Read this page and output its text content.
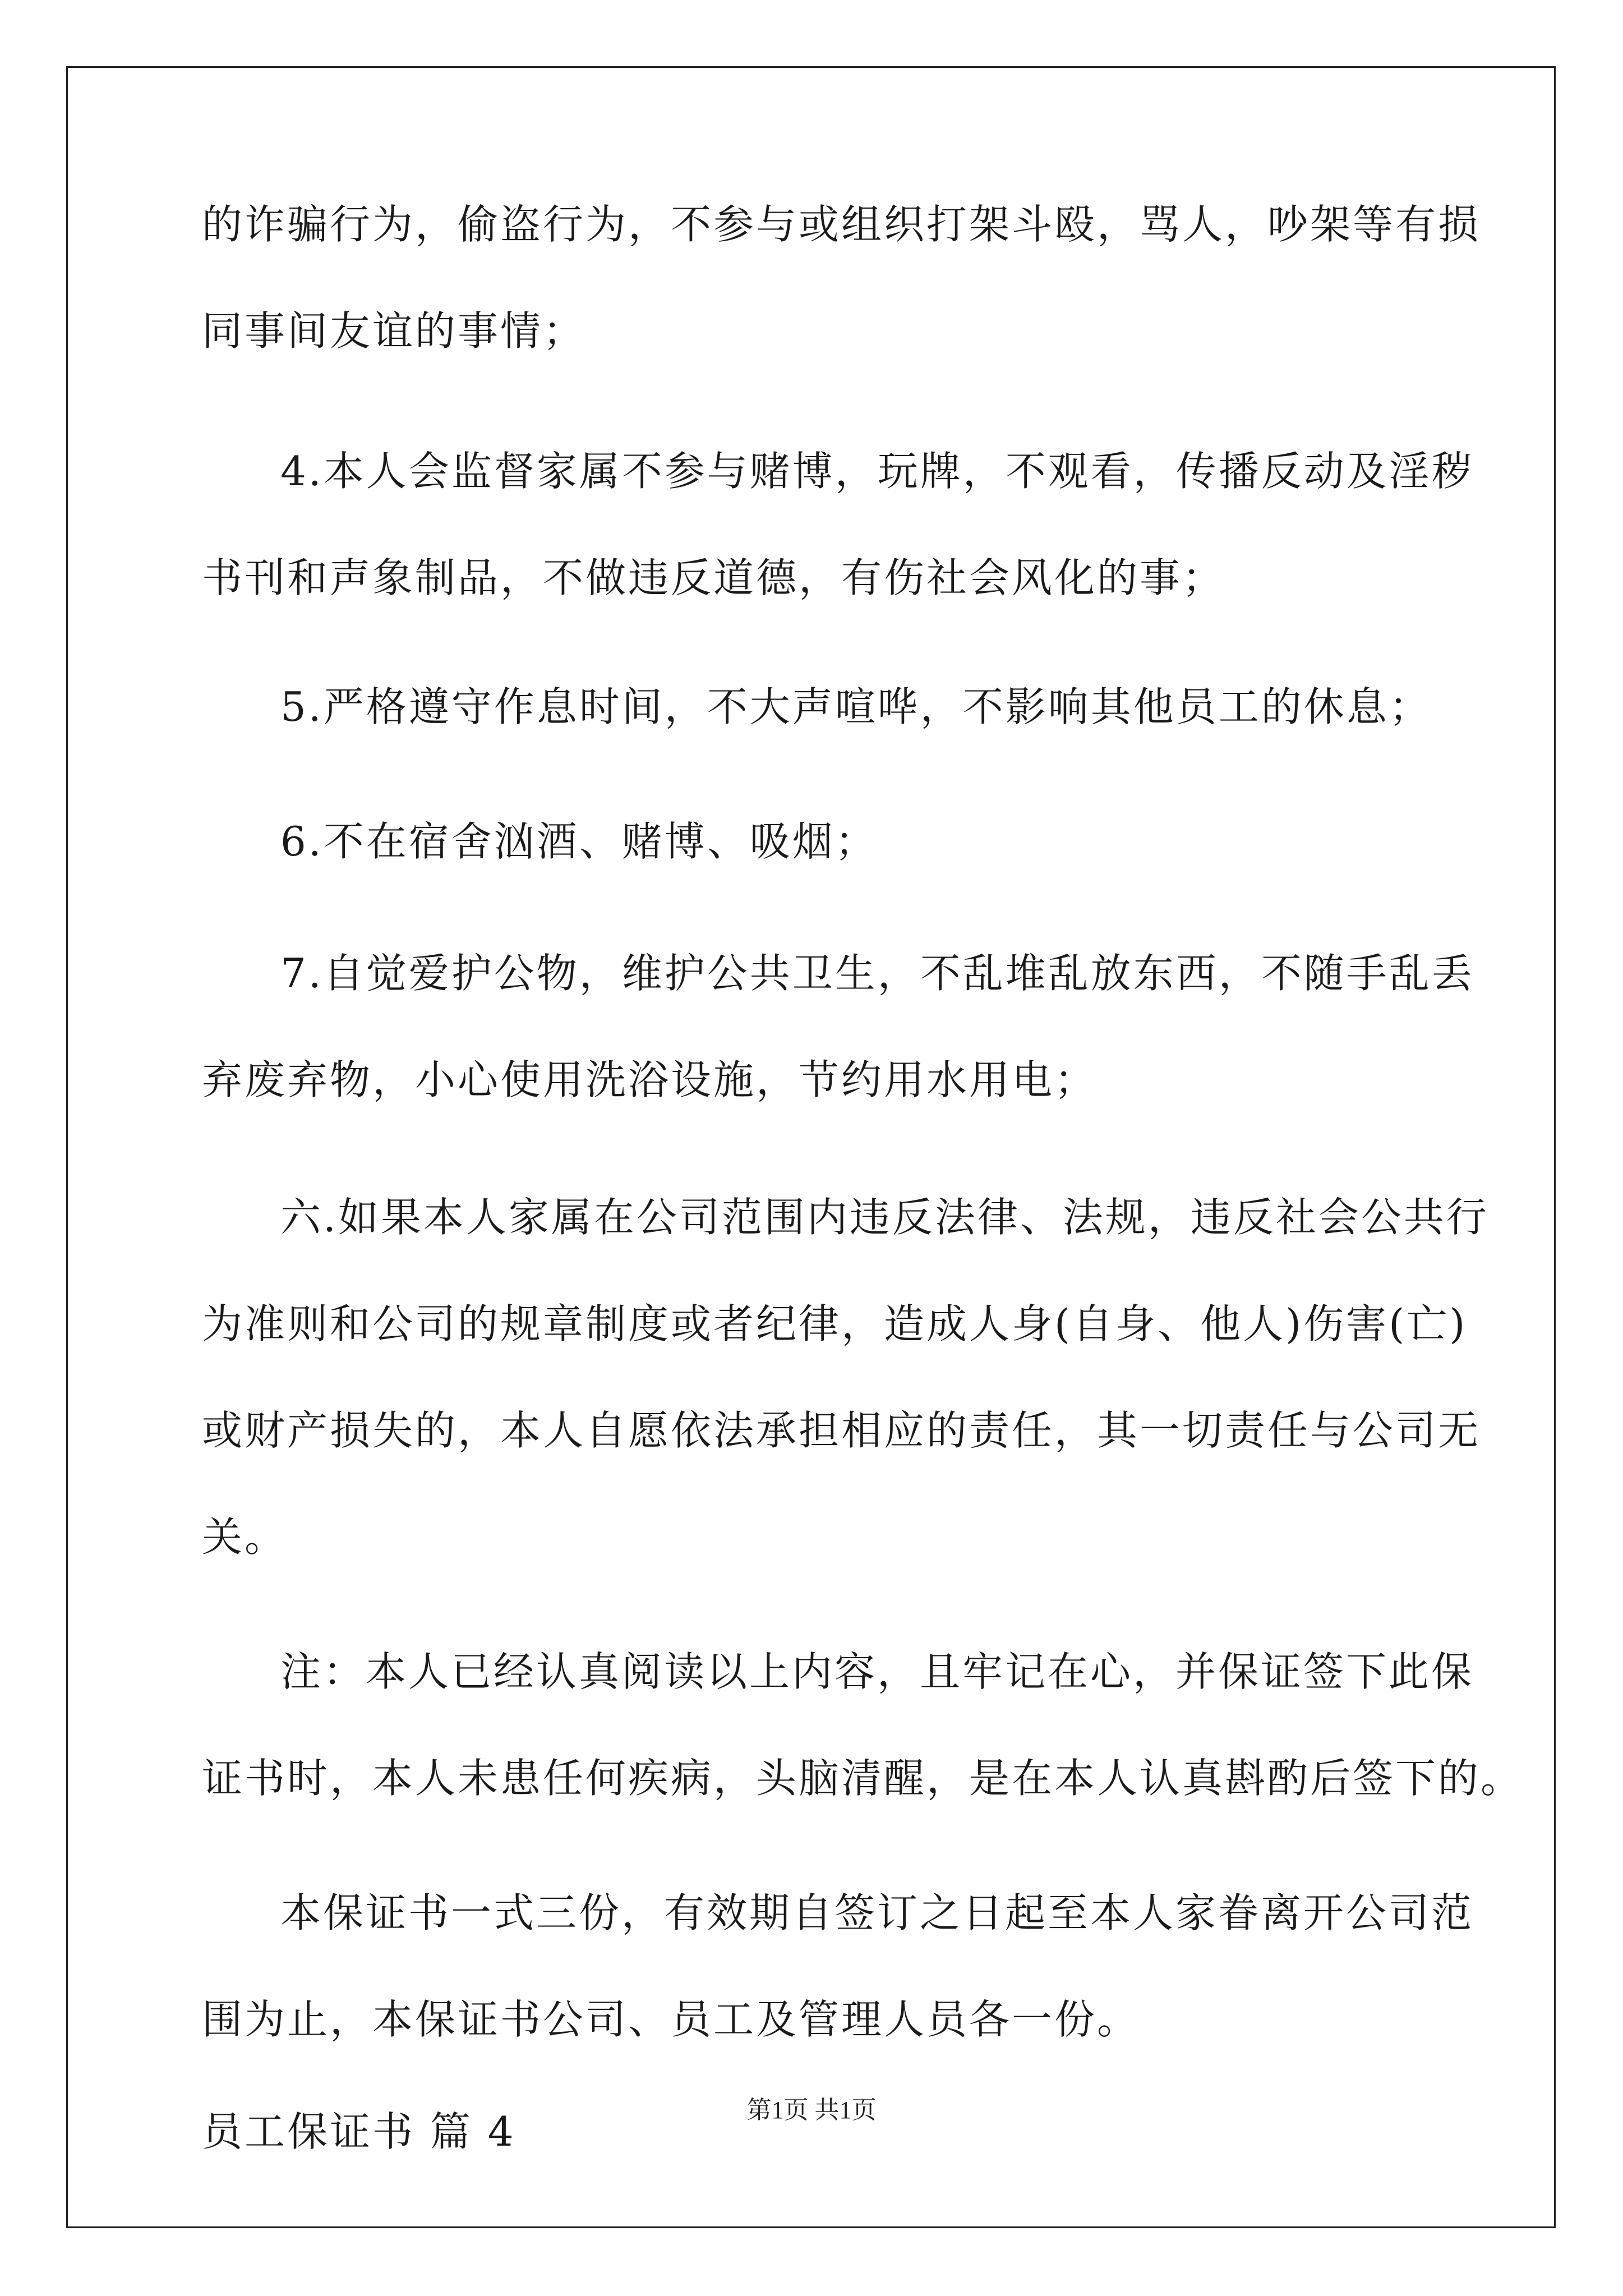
的诈骗行为，偷盗行为，不参与或组织打架斗殴，骂人，吵架等有损
同事间友谊的事情；
4.本人会监督家属不参与赌博，玩牌，不观看，传播反动及淫秽
书刊和声象制品，不做违反道德，有伤社会风化的事；
5.严格遵守作息时间，不大声喧哗，不影响其他员工的休息；
6.不在宿舍汹酒、赌博、吸烟；
7.自觉爱护公物，维护公共卫生，不乱堆乱放东西，不随手乱丢
弃废弃物，小心使用洗浴设施，节约用水用电；
六.如果本人家属在公司范围内违反法律、法规，违反社会公共行
为准则和公司的规章制度或者纪律，造成人身(自身、他人)伤害(亡)
或财产损失的，本人自愿依法承担相应的责任，其一切责任与公司无
关。
注：本人已经认真阅读以上内容，且牢记在心，并保证签下此保
证书时，本人未患任何疾病，头脑清醒，是在本人认真斟酌后签下的。
本保证书一式三份，有效期自签订之日起至本人家眷离开公司范
围为止，本保证书公司、员工及管理人员各一份。
员工保证书 篇 4	第1页 共1页
